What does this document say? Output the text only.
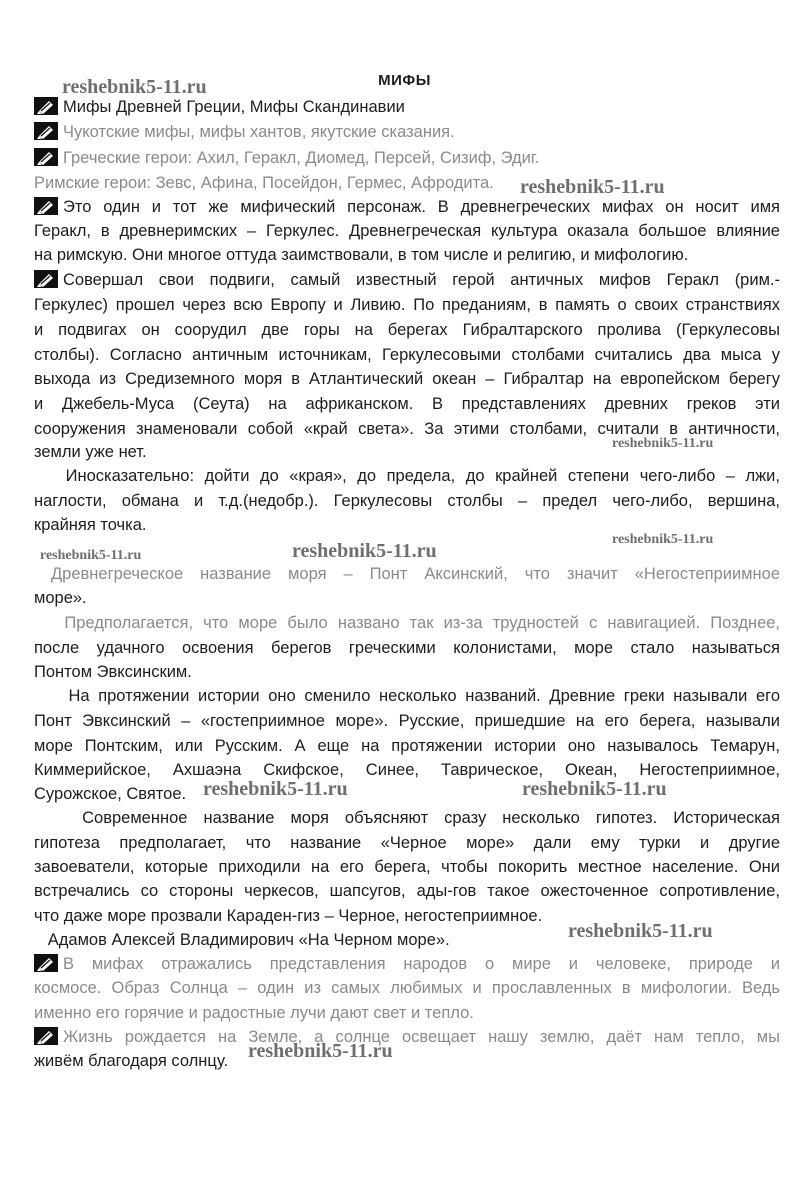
МИФЫ
Мифы Древней Греции, Мифы Скандинавии
Чукотские мифы, мифы хантов, якутские сказания.
Греческие герои: Ахил, Геракл, Диомед, Персей, Сизиф, Эдиг.
Римские герои: Зевс, Афина, Посейдон, Гермес, Афродита.
Это один и тот же мифический персонаж. В древнегреческих мифах он носит имя
Геракл, в древнеримских – Геркулес. Древнегреческая культура оказала большое влияние
на римскую. Они многое оттуда заимствовали, в том числе и религию, и мифологию.
Совершал свои подвиги, самый известный герой античных мифов Геракл (рим.-
Геркулес) прошел через всю Европу и Ливию. По преданиям, в память о своих странствиях
и подвигах он соорудил две горы на берегах Гибралтарского пролива (Геркулесовы
столбы). Согласно античным источникам, Геркулесовыми столбами считались два мыса у
выхода из Средиземного моря в Атлантический океан – Гибралтар на европейском берегу
и Джебель-Муса (Сеута) на африканском. В представлениях древних греков эти
сооружения знаменовали собой «край света». За этими столбами, считали в античности,
земли уже нет.
Иносказательно: дойти до «края», до предела, до крайней степени чего-либо – лжи,
наглости, обмана и т.д.(недобр.). Геркулесовы столбы – предел чего-либо, вершина,
крайняя точка.
Древнегреческое название моря – Понт Аксинский, что значит «Негостеприимное
море».
Предполагается, что море было названо так из-за трудностей с навигацией. Позднее,
после удачного освоения берегов греческими колонистами, море стало называться
Понтом Эвксинским.
На протяжении истории оно сменило несколько названий. Древние греки называли его
Понт Эвксинский – «гостеприимное море». Русские, пришедшие на его берега, называли
море Понтским, или Русским. А еще на протяжении истории оно называлось Темарун,
Киммерийское, Ахшаэна Скифское, Синее, Таврическое, Океан, Негостеприимное,
Сурожское, Святое.
Современное название моря объясняют сразу несколько гипотез. Историческая
гипотеза предполагает, что название «Черное море» дали ему турки и другие
завоеватели, которые приходили на его берега, чтобы покорить местное население. Они
встречались со стороны черкесов, шапсугов, ады-гов такое ожесточенное сопротивление,
что даже море прозвали Караден-гиз – Черное, негостеприимное.
Адамов Алексей Владимирович «На Черном море».
В мифах отражались представления народов о мире и человеке, природе и
космосе. Образ Солнца – один из самых любимых и прославленных в мифологии. Ведь
именно его горячие и радостные лучи дают свет и тепло.
Жизнь рождается на Земле, а солнце освещает нашу землю, даёт нам тепло, мы
живём благодаря солнцу.
reshebnik5-11.ru
reshebnik5-11.ru
reshebnik5-11.ru
reshebnik5-11.ru
reshebnik5-11.ru	reshebnik5-11.ru
reshebnik5-11.ru	reshebnik5-11.ru
reshebnik5-11.ru
reshebnik5-11.ru
